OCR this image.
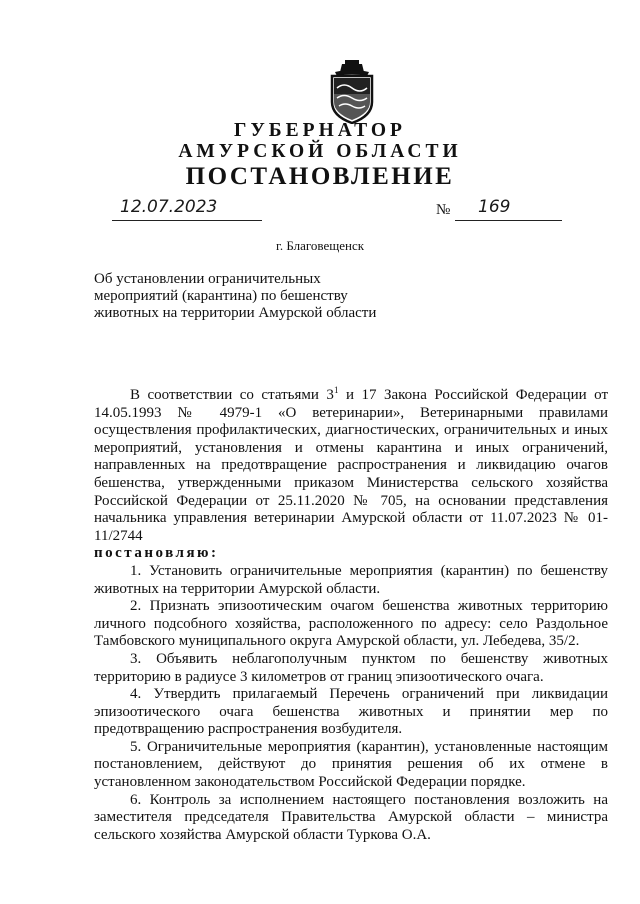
ГУБЕРНАТОР
АМУРСКОЙ ОБЛАСТИ
ПОСТАНОВЛЕНИЕ
12.07.2023	№ 169
г. Благовещенск
Об установлении ограничительных мероприятий (карантина) по бешенству животных на территории Амурской области

В соответствии со статьями $3^1$ и 17 Закона Российской Федерации от 14.05.1993 № 4979-1 «О ветеринарии», Ветеринарными правилами осуществления профилактических, диагностических, ограничительных и иных мероприятий, установления и отмены карантина и иных ограничений, направленных на предотвращение распространения и ликвидацию очагов бешенства, утвержденными приказом Министерства сельского хозяйства Российской Федерации от 25.11.2020 № 705, на основании представления начальника управления ветеринарии Амурской области от 11.07.2023 № 01-11/2744

постановляю:

1. Установить ограничительные мероприятия (карантин) по бешенству животных на территории Амурской области.

2. Признать эпизоотическим очагом бешенства животных территорию личного подсобного хозяйства, расположенного по адресу: село Раздольное Тамбовского муниципального округа Амурской области, ул. Лебедева, 35/2.

3. Объявить неблагополучным пунктом по бешенству животных территорию в радиусе 3 километров от границ эпизоотического очага.

4. Утвердить прилагаемый Перечень ограничений при ликвидации эпизоотического очага бешенства животных и принятии мер по предотвращению распространения возбудителя.

5. Ограничительные мероприятия (карантин), установленные настоящим постановлением, действуют до принятия решения об их отмене в установленном законодательством Российской Федерации порядке.

6. Контроль за исполнением настоящего постановления возложить на заместителя председателя Правительства Амурской области – министра сельского хозяйства Амурской области Туркова О.А.
